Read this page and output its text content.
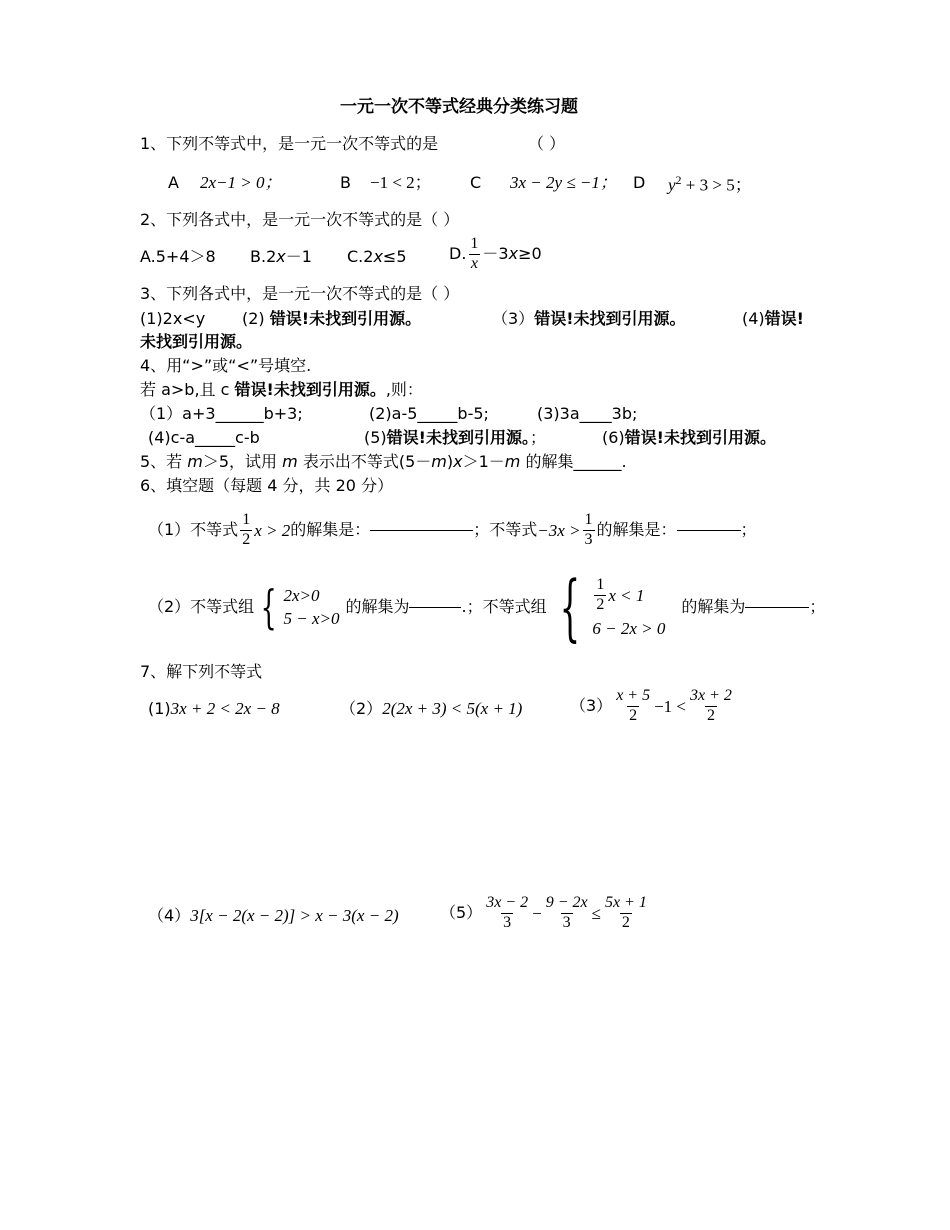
一元一次不等式经典分类练习题
1、下列不等式中，是一元一次不等式的是	（ ）
A 2x−1 > 0；	B −1 < 2； C 3x − 2y ≤ −1； D $y^2 + 3 > 5$；
2、下列各式中，是一元一次不等式的是（ ）
A.5+4＞8 B.2x－1 C.2x≤5	D. $\frac{1}{x} -3$ x ≥0
3、下列各式中，是一元一次不等式的是（ ）
(1)2x<y (2) 错误!未找到引用源。	（3）错误!未找到引用源。	(4)错误!
未找到引用源。
4、用“>”或“<”号填空.
若 a>b,且 c 错误!未找到引用源。,则：
（1）a+3______b+3;	(2)a-5_____b-5;	(3)3a____3b;
(4)c-a_____c-b	(5)错误!未找到引用源。；	(6)错误!未找到引用源。
5、若 m＞5，试用 m 表示出不等式(5－m)x＞1－m 的解集______.
6、填空题（每题 4 分，共 20 分）
（1）不等式 $\frac{1}{2}$ x > 2 的解集是：	；不等式 $-3x > \frac{1}{3}$ 的解集是：	；
（2）不等式组 { 2x>0
5 − x>0
的解集为	.；不等式组 { $\frac{1}{2}$ x < 1
6 − 2x > 0
的解集为	；
7、解下列不等式
(1)3x + 2 < 2x − 8	（2）2(2x + 3) < 5(x + 1)	$(3) \frac{x + 5}{2} -1 < \frac{3x + 2}{2}$
（4）3[x − 2(x − 2)] > x − 3(x − 2)	$(5) \frac{3x - 2}{3} - \frac{9 - 2x}{3} \le \frac{5x + 1}{2}$
